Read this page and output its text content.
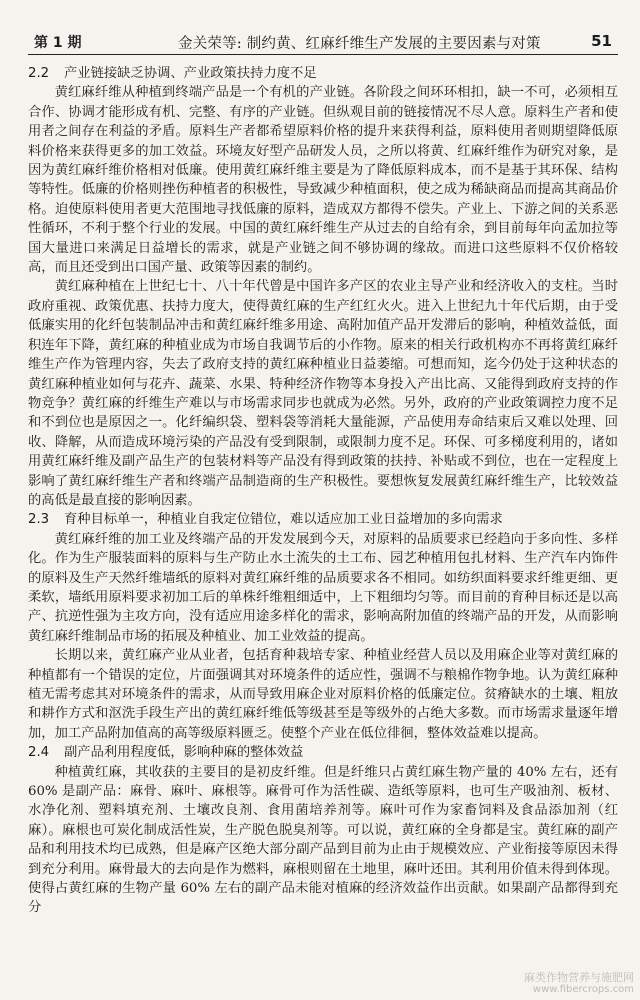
第 1 期	金关荣等: 制约黄、红麻纤维生产发展的主要因素与对策	51

2.2 产业链接缺乏协调、产业政策扶持力度不足

黄红麻纤维从种植到终端产品是一个有机的产业链。各阶段之间环环相扣，缺一不可，必须相互合作、协调才能形成有机、完整、有序的产业链。但纵观目前的链接情况不尽人意。原料生产者和使用者之间存在利益的矛盾。原料生产者都希望原料价格的提升来获得利益，原料使用者则期望降低原料价格来获得更多的加工效益。环境友好型产品研发人员，之所以将黄、红麻纤维作为研究对象，是因为黄红麻纤维价格相对低廉。使用黄红麻纤维主要是为了降低原料成本，而不是基于其环保、结构等特性。低廉的价格则挫伤种植者的积极性，导致减少种植面积，使之成为稀缺商品而提高其商品价格。迫使原料使用者更大范围地寻找低廉的原料，造成双方都得不偿失。产业上、下游之间的关系恶性循环，不利于整个行业的发展。中国的黄红麻纤维生产从过去的自给有余，到目前每年向孟加拉等国大量进口来满足日益增长的需求，就是产业链之间不够协调的缘故。而进口这些原料不仅价格较高，而且还受到出口国产量、政策等因素的制约。

黄红麻种植在上世纪七十、八十年代曾是中国许多产区的农业主导产业和经济收入的支柱。当时政府重视、政策优惠、扶持力度大，使得黄红麻的生产红红火火。进入上世纪九十年代后期，由于受低廉实用的化纤包装制品冲击和黄红麻纤维多用途、高附加值产品开发滞后的影响，种植效益低，面积连年下降，黄红麻的种植业成为市场自我调节后的小作物。原来的相关行政机构亦不再将黄红麻纤维生产作为管理内容，失去了政府支持的黄红麻种植业日益萎缩。可想而知，迄今仍处于这种状态的黄红麻种植业如何与花卉、蔬菜、水果、特种经济作物等本身投入产出比高、又能得到政府支持的作物竞争？黄红麻的纤维生产难以与市场需求同步也就成为必然。另外，政府的产业政策调控力度不足和不到位也是原因之一。化纤编织袋、塑料袋等消耗大量能源，产品使用寿命结束后又难以处理、回收、降解，从而造成环境污染的产品没有受到限制，或限制力度不足。环保、可多梯度利用的，诸如用黄红麻纤维及副产品生产的包装材料等产品没有得到政策的扶持、补贴或不到位，也在一定程度上影响了黄红麻纤维生产者和终端产品制造商的生产积极性。要想恢复发展黄红麻纤维生产，比较效益的高低是最直接的影响因素。

2.3 育种目标单一，种植业自我定位错位，难以适应加工业日益增加的多向需求

黄红麻纤维的加工业及终端产品的开发发展到今天，对原料的品质要求已经趋向于多向性、多样化。作为生产服装面料的原料与生产防止水土流失的土工布、园艺种植用包扎材料、生产汽车内饰件的原料及生产天然纤维墙纸的原料对黄红麻纤维的品质要求各不相同。如纺织面料要求纤维更细、更柔软，墙纸用原料要求初加工后的单株纤维粗细适中，上下粗细均匀等。而目前的育种目标还是以高产、抗逆性强为主攻方向，没有适应用途多样化的需求，影响高附加值的终端产品的开发，从而影响黄红麻纤维制品市场的拓展及种植业、加工业效益的提高。

长期以来，黄红麻产业从业者，包括育种栽培专家、种植业经营人员以及用麻企业等对黄红麻的种植都有一个错误的定位，片面强调其对环境条件的适应性，强调不与粮棉作物争地。认为黄红麻种植无需考虑其对环境条件的需求，从而导致用麻企业对原料价格的低廉定位。贫瘠缺水的土壤、粗放和耕作方式和沤洗手段生产出的黄红麻纤维低等级甚至是等级外的占绝大多数。而市场需求量逐年增加，加工产品附加值高的高等级原料匮乏。使整个产业在低位徘徊，整体效益难以提高。

2.4 副产品利用程度低，影响种麻的整体效益

种植黄红麻，其收获的主要目的是初皮纤维。但是纤维只占黄红麻生物产量的 40% 左右，还有 60% 是副产品：麻骨、麻叶、麻根等。麻骨可作为活性碳、造纸等原料，也可生产吸油剂、板材、水净化剂、塑料填充剂、土壤改良剂、食用菌培养剂等。麻叶可作为家畜饲料及食品添加剂（红麻）。麻根也可炭化制成活性炭，生产脱色脱臭剂等。可以说，黄红麻的全身都是宝。黄红麻的副产品和利用技术均已成熟，但是麻产区绝大部分副产品到目前为止由于规模效应、产业衔接等原因未得到充分利用。麻骨最大的去向是作为燃料，麻根则留在土地里，麻叶还田。其利用价值未得到体现。使得占黄红麻的生物产量 60% 左右的副产品未能对植麻的经济效益作出贡献。如果副产品都得到充分

麻类作物营养与施肥网
www.fibercrops.com
